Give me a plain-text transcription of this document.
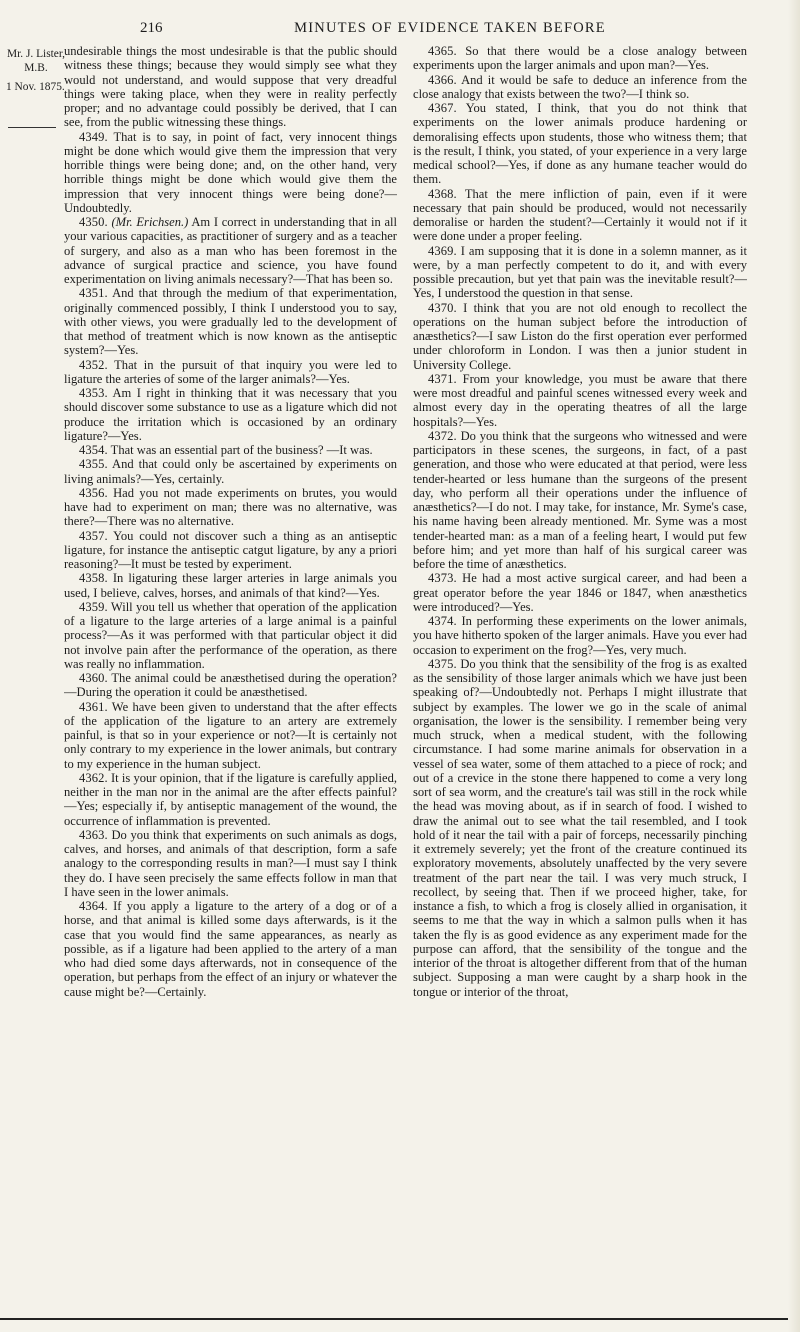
216	MINUTES OF EVIDENCE TAKEN BEFORE
Mr. J. Lister, M.B.
1 Nov. 1875.

undesirable things the most undesirable is that the public should witness these things; because they would simply see what they would not understand, and would suppose that very dreadful things were taking place, when they were in reality perfectly proper; and no advantage could possibly be derived, that I can see, from the public witnessing these things.

4349. That is to say, in point of fact, very innocent things might be done which would give them the impression that very horrible things were being done; and, on the other hand, very horrible things might be done which would give them the impression that very innocent things were being done?—Undoubtedly.

4350. (Mr. Erichsen.) Am I correct in understanding that in all your various capacities, as practitioner of surgery and as a teacher of surgery, and also as a man who has been foremost in the advance of surgical practice and science, you have found experimentation on living animals necessary?—That has been so.

4351. And that through the medium of that experimentation, originally commenced possibly, I think I understood you to say, with other views, you were gradually led to the development of that method of treatment which is now known as the antiseptic system?—Yes.

4352. That in the pursuit of that inquiry you were led to ligature the arteries of some of the larger animals?—Yes.

4353. Am I right in thinking that it was necessary that you should discover some substance to use as a ligature which did not produce the irritation which is occasioned by an ordinary ligature?—Yes.

4354. That was an essential part of the business? —It was.

4355. And that could only be ascertained by experiments on living animals?—Yes, certainly.

4356. Had you not made experiments on brutes, you would have had to experiment on man; there was no alternative, was there?—There was no alternative.

4357. You could not discover such a thing as an antiseptic ligature, for instance the antiseptic catgut ligature, by any a priori reasoning?—It must be tested by experiment.

4358. In ligaturing these larger arteries in large animals you used, I believe, calves, horses, and animals of that kind?—Yes.

4359. Will you tell us whether that operation of the application of a ligature to the large arteries of a large animal is a painful process?—As it was performed with that particular object it did not involve pain after the performance of the operation, as there was really no inflammation.

4360. The animal could be anæsthetised during the operation?—During the operation it could be anæsthetised.

4361. We have been given to understand that the after effects of the application of the ligature to an artery are extremely painful, is that so in your experience or not?—It is certainly not only contrary to my experience in the lower animals, but contrary to my experience in the human subject.

4362. It is your opinion, that if the ligature is carefully applied, neither in the man nor in the animal are the after effects painful?—Yes; especially if, by antiseptic management of the wound, the occurrence of inflammation is prevented.

4363. Do you think that experiments on such animals as dogs, calves, and horses, and animals of that description, form a safe analogy to the corresponding results in man?—I must say I think they do. I have seen precisely the same effects follow in man that I have seen in the lower animals.

4364. If you apply a ligature to the artery of a dog or of a horse, and that animal is killed some days afterwards, is it the case that you would find the same appearances, as nearly as possible, as if a ligature had been applied to the artery of a man who had died some days afterwards, not in consequence of the operation, but perhaps from the effect of an injury or whatever the cause might be?—Certainly.

4365. So that there would be a close analogy between experiments upon the larger animals and upon man?—Yes.

4366. And it would be safe to deduce an inference from the close analogy that exists between the two?—I think so.

4367. You stated, I think, that you do not think that experiments on the lower animals produce hardening or demoralising effects upon students, those who witness them; that is the result, I think, you stated, of your experience in a very large medical school?—Yes, if done as any humane teacher would do them.

4368. That the mere infliction of pain, even if it were necessary that pain should be produced, would not necessarily demoralise or harden the student?—Certainly it would not if it were done under a proper feeling.

4369. I am supposing that it is done in a solemn manner, as it were, by a man perfectly competent to do it, and with every possible precaution, but yet that pain was the inevitable result?—Yes, I understood the question in that sense.

4370. I think that you are not old enough to recollect the operations on the human subject before the introduction of anæsthetics?—I saw Liston do the first operation ever performed under chloroform in London. I was then a junior student in University College.

4371. From your knowledge, you must be aware that there were most dreadful and painful scenes witnessed every week and almost every day in the operating theatres of all the large hospitals?—Yes.

4372. Do you think that the surgeons who witnessed and were participators in these scenes, the surgeons, in fact, of a past generation, and those who were educated at that period, were less tender-hearted or less humane than the surgeons of the present day, who perform all their operations under the influence of anæsthetics?—I do not. I may take, for instance, Mr. Syme's case, his name having been already mentioned. Mr. Syme was a most tender-hearted man: as a man of a feeling heart, I would put few before him; and yet more than half of his surgical career was before the time of anæsthetics.

4373. He had a most active surgical career, and had been a great operator before the year 1846 or 1847, when anæsthetics were introduced?—Yes.

4374. In performing these experiments on the lower animals, you have hitherto spoken of the larger animals. Have you ever had occasion to experiment on the frog?—Yes, very much.

4375. Do you think that the sensibility of the frog is as exalted as the sensibility of those larger animals which we have just been speaking of?—Undoubtedly not. Perhaps I might illustrate that subject by examples. The lower we go in the scale of animal organisation, the lower is the sensibility. I remember being very much struck, when a medical student, with the following circumstance. I had some marine animals for observation in a vessel of sea water, some of them attached to a piece of rock; and out of a crevice in the stone there happened to come a very long sort of sea worm, and the creature's tail was still in the rock while the head was moving about, as if in search of food. I wished to draw the animal out to see what the tail resembled, and I took hold of it near the tail with a pair of forceps, necessarily pinching it extremely severely; yet the front of the creature continued its exploratory movements, absolutely unaffected by the very severe treatment of the part near the tail. I was very much struck, I recollect, by seeing that. Then if we proceed higher, take, for instance a fish, to which a frog is closely allied in organisation, it seems to me that the way in which a salmon pulls when it has taken the fly is as good evidence as any experiment made for the purpose can afford, that the sensibility of the tongue and the interior of the throat is altogether different from that of the human subject. Supposing a man were caught by a sharp hook in the tongue or interior of the throat,
